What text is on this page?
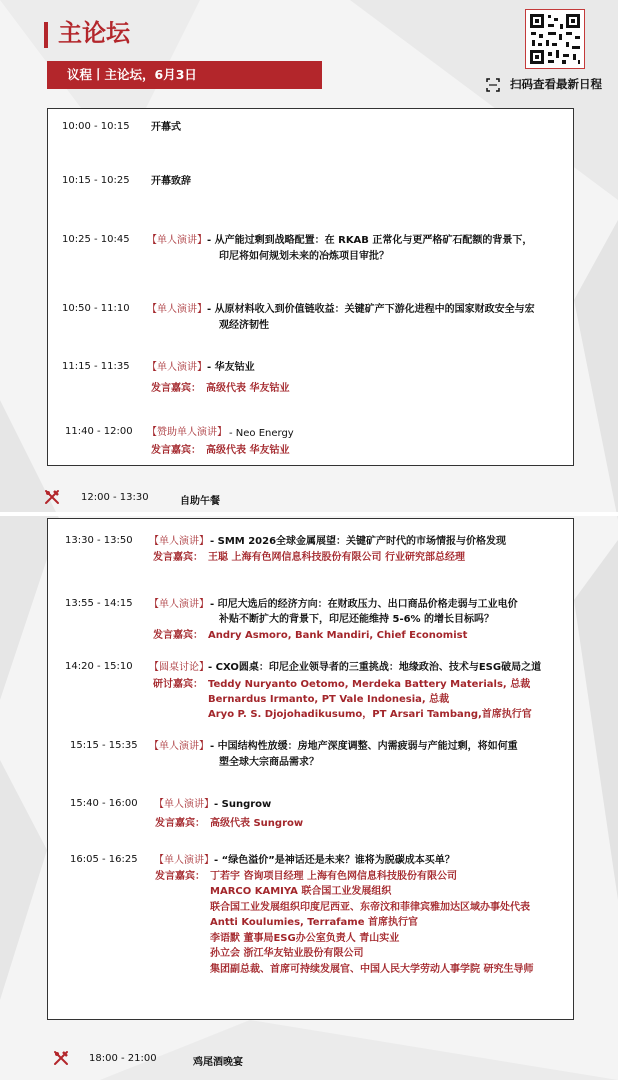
主论坛
议程丨主论坛，6月3日
扫码查看最新日程
10:00 - 10:15 开幕式
10:15 - 10:25 开幕致辞
10:25 - 10:45 【单人演讲】 - 从产能过剩到战略配置：在 RKAB 正常化与更严格矿石配额的背景下，
印尼将如何规划未来的冶炼项目审批？
10:50 - 11:10 【单人演讲】 - 从原材料收入到价值链收益：关键矿产下游化进程中的国家财政安全与宏
观经济韧性
11:15 - 11:35 【单人演讲】 - 华友钴业
发言嘉宾： 高级代表 华友钴业
11:40 - 12:00 【赞助单人演讲】 - Neo Energy
发言嘉宾： 高级代表 华友钴业
12:00 - 13:30	自助午餐
13:30 - 13:50 【单人演讲】 - SMM 2026全球金属展望：关键矿产时代的市场情报与价格发现
发言嘉宾： 王聪 上海有色网信息科技股份有限公司 行业研究部总经理
13:55 - 14:15 【单人演讲】 - 印尼大选后的经济方向：在财政压力、出口商品价格走弱与工业电价
补贴不断扩大的背景下，印尼还能维持 5-6% 的增长目标吗？
发言嘉宾： Andry Asmoro, Bank Mandiri, Chief Economist
14:20 - 15:10 【圆桌讨论】 - CXO圆桌：印尼企业领导者的三重挑战：地缘政治、技术与ESG破局之道
研讨嘉宾： Teddy Nuryanto Oetomo, Merdeka Battery Materials, 总裁
Bernardus Irmanto, PT Vale Indonesia, 总裁
Aryo P. S. Djojohadikusumo，PT Arsari Tambang,首席执行官
15:15 - 15:35 【单人演讲】 - 中国结构性放缓：房地产深度调整、内需疲弱与产能过剩，将如何重
塑全球大宗商品需求？
15:40 - 16:00 【单人演讲】 - Sungrow
发言嘉宾： 高级代表 Sungrow
16:05 - 16:25 【单人演讲】 - “绿色溢价”是神话还是未来？谁将为脱碳成本买单？
发言嘉宾： 丁若宇 咨询项目经理 上海有色网信息科技股份有限公司
MARCO KAMIYA 联合国工业发展组织
联合国工业发展组织印度尼西亚、东帝汶和菲律宾雅加达区域办事处代表
Antti Koulumies, Terrafame 首席执行官
李语默 董事局ESG办公室负责人 青山实业
孙立会 浙江华友钴业股份有限公司
集团副总裁、首席可持续发展官、中国人民大学劳动人事学院 研究生导师
18:00 - 21:00	鸡尾酒晚宴
